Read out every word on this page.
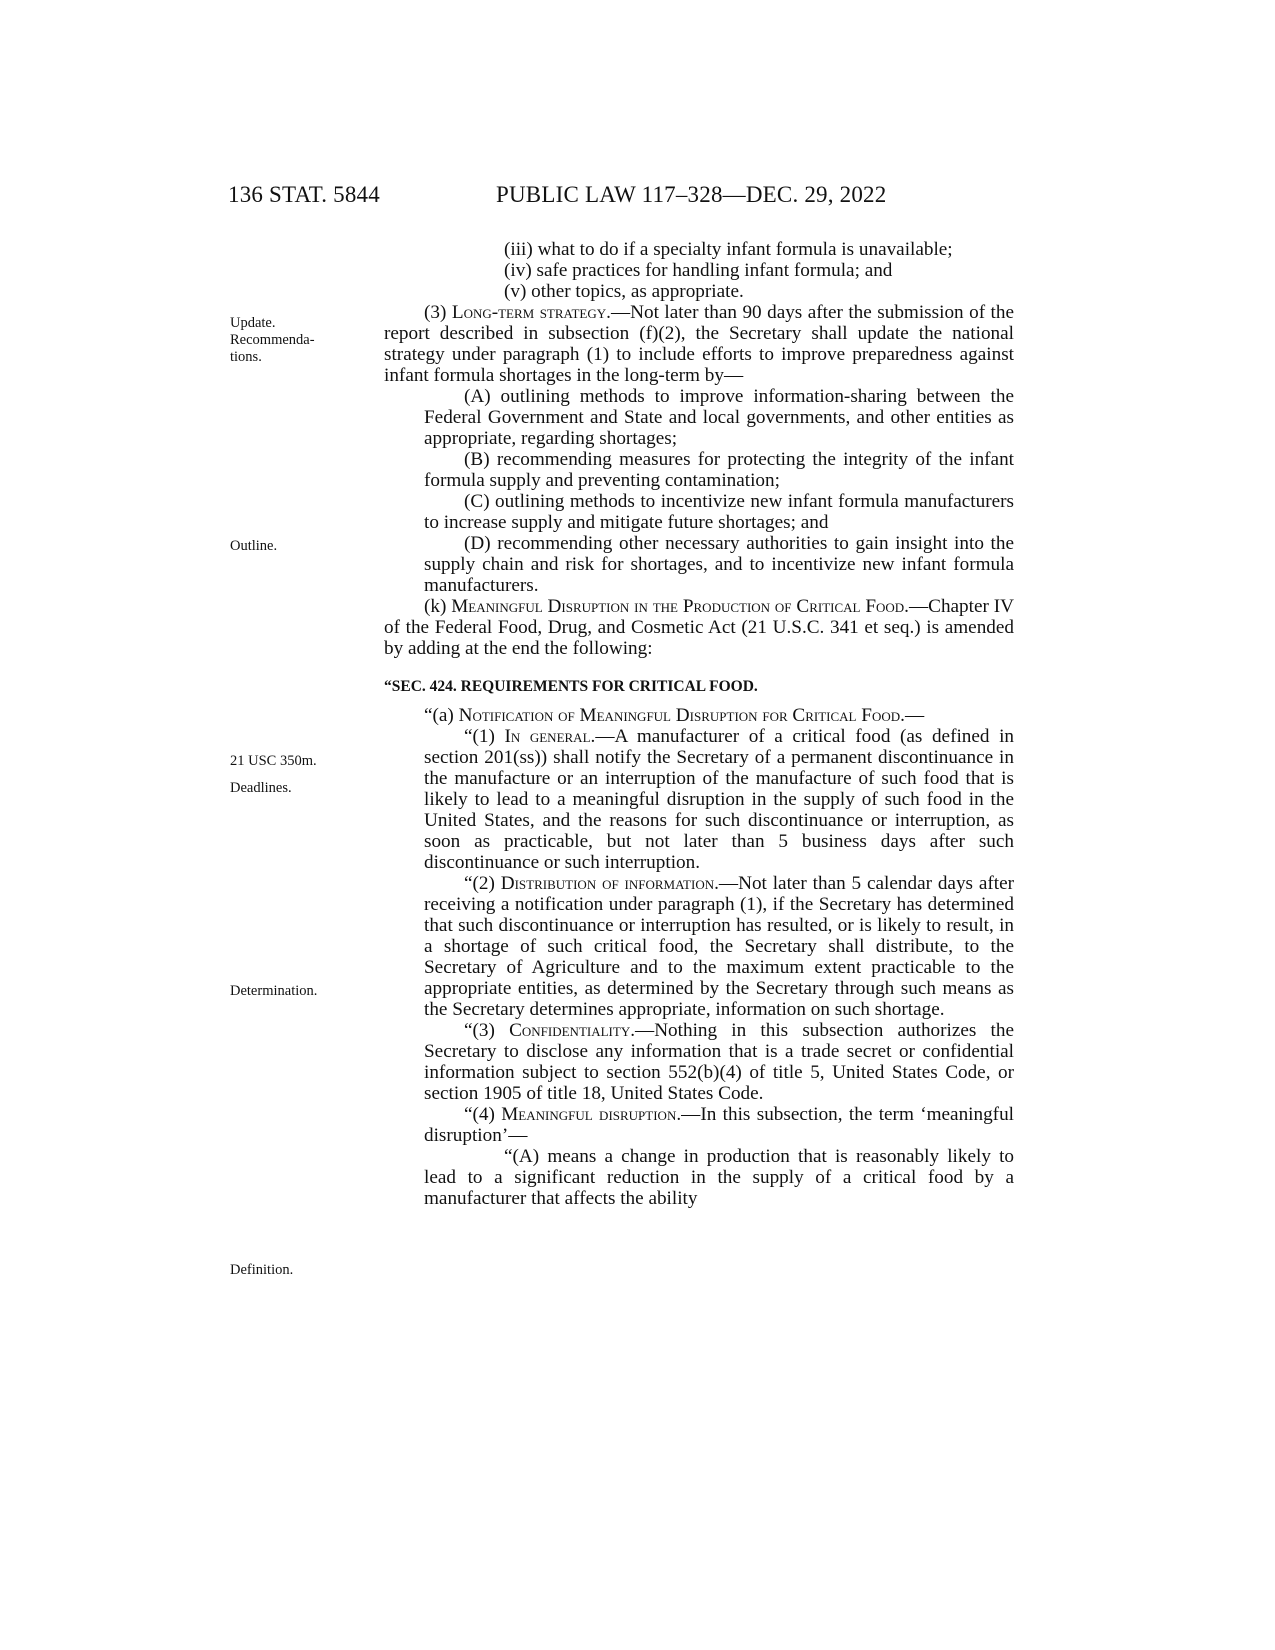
136 STAT. 5844	PUBLIC LAW 117–328—DEC. 29, 2022
Update.
Recommenda-
tions.
Outline.
21 USC 350m.
Deadlines.
Determination.
Definition.

(iii) what to do if a specialty infant formula is unavailable;

(iv) safe practices for handling infant formula; and

(v) other topics, as appropriate.

(3) Long-term strategy.—Not later than 90 days after the submission of the report described in subsection (f)(2), the Secretary shall update the national strategy under paragraph (1) to include efforts to improve preparedness against infant formula shortages in the long-term by—

(A) outlining methods to improve information-sharing between the Federal Government and State and local governments, and other entities as appropriate, regarding shortages;

(B) recommending measures for protecting the integrity of the infant formula supply and preventing contamination;

(C) outlining methods to incentivize new infant formula manufacturers to increase supply and mitigate future shortages; and

(D) recommending other necessary authorities to gain insight into the supply chain and risk for shortages, and to incentivize new infant formula manufacturers.

(k) Meaningful Disruption in the Production of Critical Food.—Chapter IV of the Federal Food, Drug, and Cosmetic Act (21 U.S.C. 341 et seq.) is amended by adding at the end the following:

“SEC. 424. REQUIREMENTS FOR CRITICAL FOOD.

“(a) Notification of Meaningful Disruption for Critical Food.—

“(1) In general.—A manufacturer of a critical food (as defined in section 201(ss)) shall notify the Secretary of a permanent discontinuance in the manufacture or an interruption of the manufacture of such food that is likely to lead to a meaningful disruption in the supply of such food in the United States, and the reasons for such discontinuance or interruption, as soon as practicable, but not later than 5 business days after such discontinuance or such interruption.

“(2) Distribution of information.—Not later than 5 calendar days after receiving a notification under paragraph (1), if the Secretary has determined that such discontinuance or interruption has resulted, or is likely to result, in a shortage of such critical food, the Secretary shall distribute, to the Secretary of Agriculture and to the maximum extent practicable to the appropriate entities, as determined by the Secretary through such means as the Secretary determines appropriate, information on such shortage.

“(3) Confidentiality.—Nothing in this subsection authorizes the Secretary to disclose any information that is a trade secret or confidential information subject to section 552(b)(4) of title 5, United States Code, or section 1905 of title 18, United States Code.

“(4) Meaningful disruption.—In this subsection, the term ‘meaningful disruption’—

“(A) means a change in production that is reasonably likely to lead to a significant reduction in the supply of a critical food by a manufacturer that affects the ability
